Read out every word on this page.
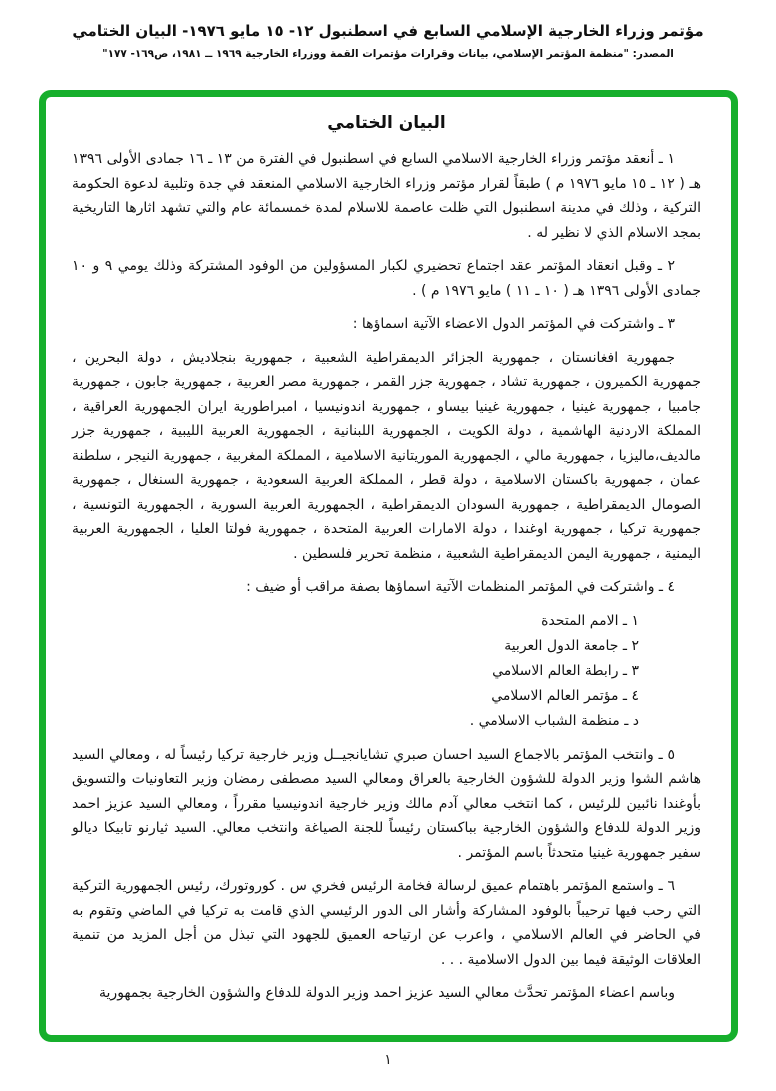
مؤتمر وزراء الخارجية الإسلامي السابع في اسطنبول ١٢- ١٥ مايو ١٩٧٦- البيان الختامي
المصدر: "منظمة المؤتمر الإسلامي، بيانات وقرارات مؤتمرات القمة ووزراء الخارجية ١٩٦٩ ــ ١٩٨١، ص١٦٩- ١٧٧"
البيان الختامي

١ ـ أنعقد مؤتمر وزراء الخارجية الاسلامي السابع في اسطنبول في الفترة من ١٣ ـ ١٦ جمادى الأولى ١٣٩٦ هـ ( ١٢ ـ ١٥ مايو ١٩٧٦ م ) طبقاً لقرار مؤتمر وزراء الخارجية الاسلامي المنعقد في جدة وتلبية لدعوة الحكومة التركية ، وذلك في مدينة اسطنبول التي ظلت عاصمة للاسلام لمدة خمسمائة عام والتي تشهد اثارها التاريخية بمجد الاسلام الذي لا نظير له .

٢ ـ وقبل انعقاد المؤتمر عقد اجتماع تحضيري لكبار المسؤولين من الوفود المشتركة وذلك يومي ٩ و ١٠ جمادى الأولى ١٣٩٦ هـ ( ١٠ ـ ١١ ) مايو ١٩٧٦ م ) .

٣ ـ واشتركت في المؤتمر الدول الاعضاء الآتية اسماؤها :

جمهورية افغانستان ، جمهورية الجزائر الديمقراطية الشعبية ، جمهورية بنجلاديش ، دولة البحرين ، جمهورية الكميرون ، جمهورية تشاد ، جمهورية جزر القمر ، جمهورية مصر العربية ، جمهورية جابون ، جمهورية جامبيا ، جمهورية غينيا ، جمهورية غينيا بيساو ، جمهورية اندونيسيا ، امبراطورية ايران الجمهورية العراقية ، المملكة الاردنية الهاشمية ، دولة الكويت ، الجمهورية اللبنانية ، الجمهورية العربية الليبية ، جمهورية جزر مالديف،ماليزيا ، جمهورية مالي ، الجمهورية الموريتانية الاسلامية ، المملكة المغربية ، جمهورية النيجر ، سلطنة عمان ، جمهورية باكستان الاسلامية ، دولة قطر ، المملكة العربية السعودية ، جمهورية السنغال ، جمهورية الصومال الديمقراطية ، جمهورية السودان الديمقراطية ، الجمهورية العربية السورية ، الجمهورية التونسية ، جمهورية تركيا ، جمهورية اوغندا ، دولة الامارات العربية المتحدة ، جمهورية فولتا العليا ، الجمهورية العربية اليمنية ، جمهورية اليمن الديمقراطية الشعبية ، منظمة تحرير فلسطين .

٤ ـ واشتركت في المؤتمر المنظمات الآتية اسماؤها بصفة مراقب أو ضيف :

١ ـ الامم المتحدة
٢ ـ جامعة الدول العربية
٣ ـ رابطة العالم الاسلامي
٤ ـ مؤتمر العالم الاسلامي
د ـ منظمة الشباب الاسلامي .

٥ ـ وانتخب المؤتمر بالاجماع السيد احسان صبري تشايانجيــل وزير خارجية تركيا رئيساً له ، ومعالي السيد هاشم الشوا وزير الدولة للشؤون الخارجية بالعراق ومعالي السيد مصطفى رمضان وزير التعاونيات والتسويق بأوغندا نائبين للرئيس ، كما انتخب معالي آدم مالك وزير خارجية اندونيسيا مقرراً ، ومعالي السيد عزيز احمد وزير الدولة للدفاع والشؤون الخارجية بباكستان رئيساً للجنة الصياغة وانتخب معالي. السيد ثيارنو تابيكا ديالو سفير جمهورية غينيا متحدثاً باسم المؤتمر .

٦ ـ واستمع المؤتمر باهتمام عميق لرسالة فخامة الرئيس فخري س . كوروتورك، رئيس الجمهورية التركية التي رحب فيها ترحيباً بالوفود المشاركة وأشار الى الدور الرئيسي الذي قامت به تركيا في الماضي وتقوم به في الحاضر في العالم الاسلامي ، واعرب عن ارتياحه العميق للجهود التي تبذل من أجل المزيد من تنمية العلاقات الوثيقة فيما بين الدول الاسلامية . . .

وباسم اعضاء المؤتمر تحدَّث معالي السيد عزيز احمد وزير الدولة للدفاع والشؤون الخارجية بجمهورية

١
